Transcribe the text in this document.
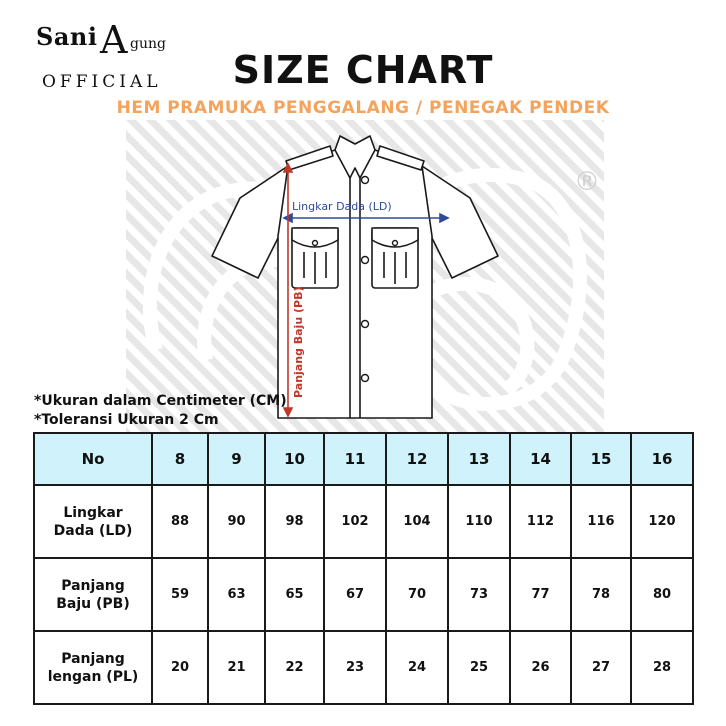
Sani A gung
OFFICIAL	SIZE CHART
HEM PRAMUKA PENGGALANG / PENEGAK PENDEK
®
Lingkar Dada (LD)
Panjang Baju (PB)
*Ukuran dalam Centimeter (CM)
*Toleransi Ukuran 2 Cm
No	8	9	10	11	12	13	14	15	16
Lingkar
Dada (LD)	88	90	98	102	104	110	112	116	120
Panjang
Baju (PB)	59	63	65	67	70	73	77	78	80
Panjang
lengan (PL)	20	21	22	23	24	25	26	27	28
